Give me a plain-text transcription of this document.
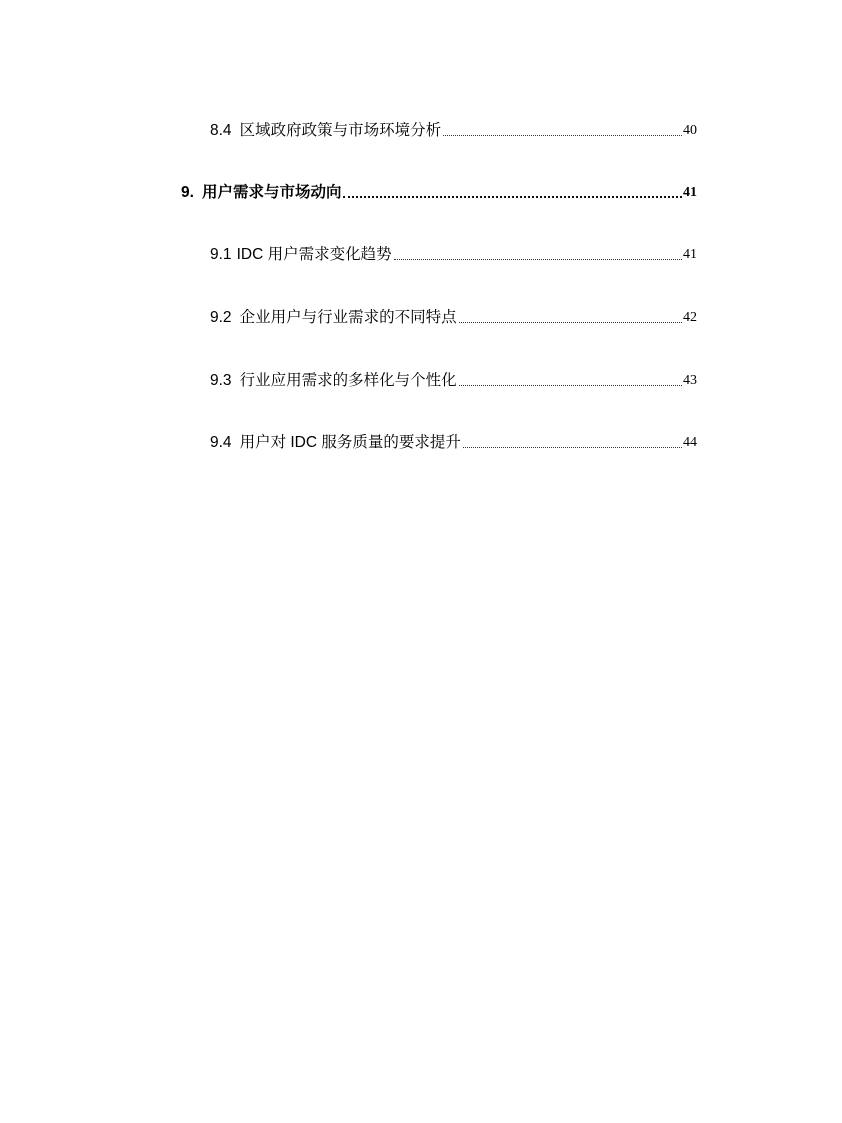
8.4 区域政府政策与市场环境分析	40
9. 用户需求与市场动向	41
9.1 IDC 用户需求变化趋势	41
9.2 企业用户与行业需求的不同特点	42
9.3 行业应用需求的多样化与个性化	43
9.4 用户对 IDC 服务质量的要求提升	44
